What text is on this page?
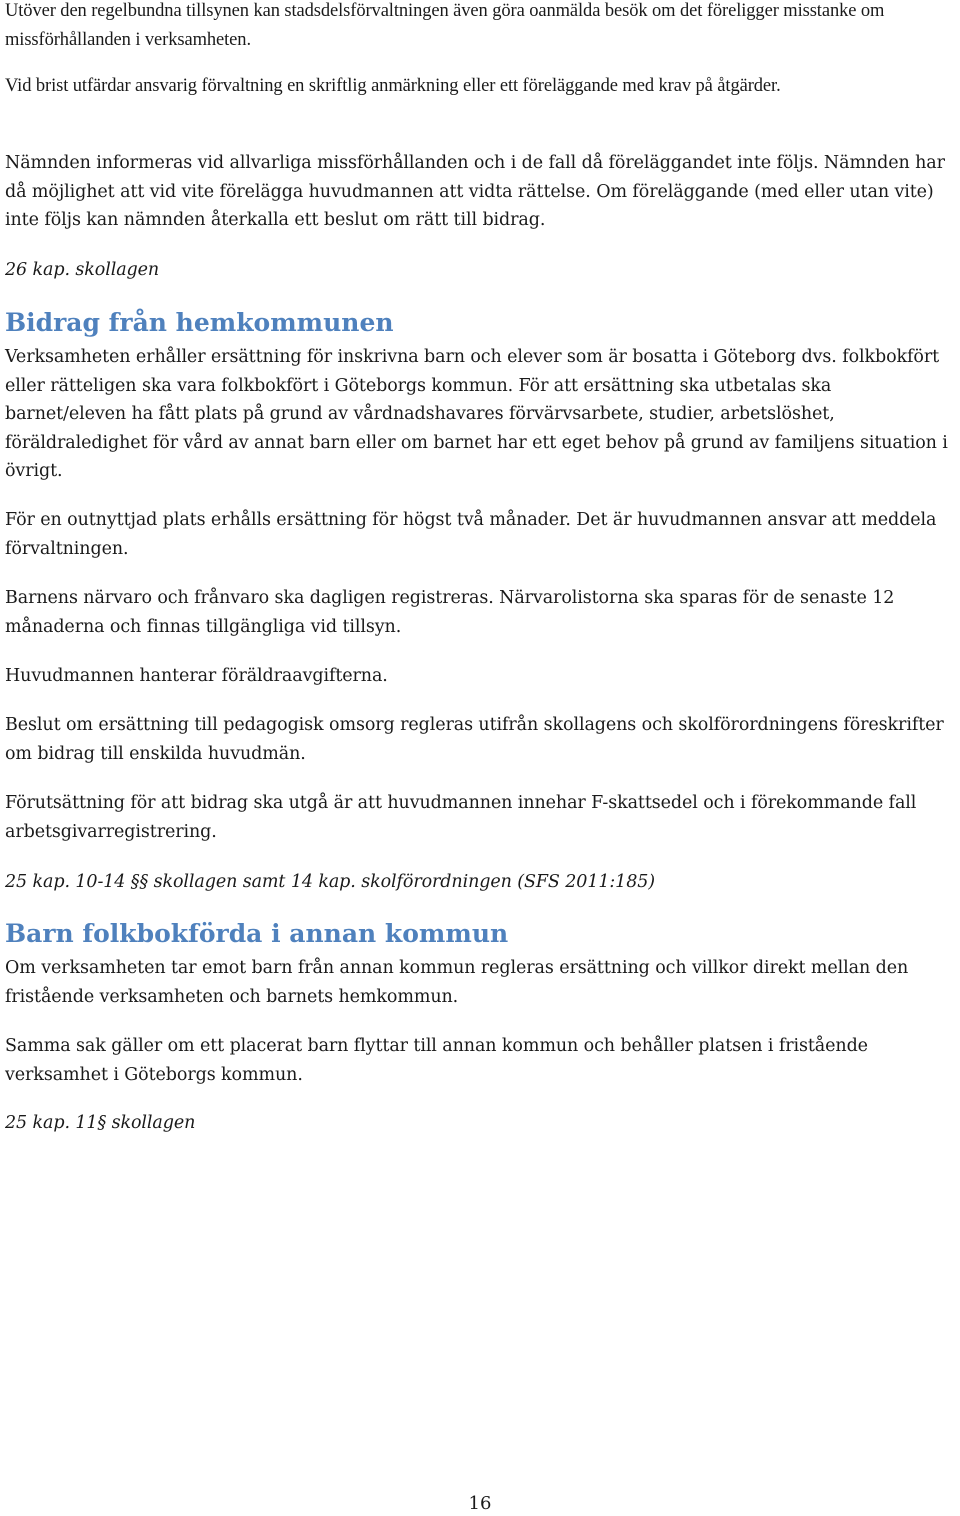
Utöver den regelbundna tillsynen kan stadsdelsförvaltningen även göra oanmälda besök om det föreligger misstanke om missförhållanden i verksamheten.

Vid brist utfärdar ansvarig förvaltning en skriftlig anmärkning eller ett föreläggande med krav på åtgärder.

Nämnden informeras vid allvarliga missförhållanden och i de fall då föreläggandet inte följs. Nämnden har då möjlighet att vid vite förelägga huvudmannen att vidta rättelse. Om föreläggande (med eller utan vite) inte följs kan nämnden återkalla ett beslut om rätt till bidrag.

26 kap. skollagen

Bidrag från hemkommunen

Verksamheten erhåller ersättning för inskrivna barn och elever som är bosatta i Göteborg dvs. folkbokfört eller rätteligen ska vara folkbokfört i Göteborgs kommun. För att ersättning ska utbetalas ska barnet/eleven ha fått plats på grund av vårdnadshavares förvärvsarbete, studier, arbetslöshet, föräldraledighet för vård av annat barn eller om barnet har ett eget behov på grund av familjens situation i övrigt.

För en outnyttjad plats erhålls ersättning för högst två månader. Det är huvudmannen ansvar att meddela förvaltningen.

Barnens närvaro och frånvaro ska dagligen registreras. Närvarolistorna ska sparas för de senaste 12 månaderna och finnas tillgängliga vid tillsyn.

Huvudmannen hanterar föräldraavgifterna.

Beslut om ersättning till pedagogisk omsorg regleras utifrån skollagens och skolförordningens föreskrifter om bidrag till enskilda huvudmän.

Förutsättning för att bidrag ska utgå är att huvudmannen innehar F-skattsedel och i förekommande fall arbetsgivarregistrering.

25 kap. 10-14 §§ skollagen samt 14 kap. skolförordningen (SFS 2011:185)

Barn folkbokförda i annan kommun

Om verksamheten tar emot barn från annan kommun regleras ersättning och villkor direkt mellan den fristående verksamheten och barnets hemkommun.

Samma sak gäller om ett placerat barn flyttar till annan kommun och behåller platsen i fristående verksamhet i Göteborgs kommun.

25 kap. 11§ skollagen

16
